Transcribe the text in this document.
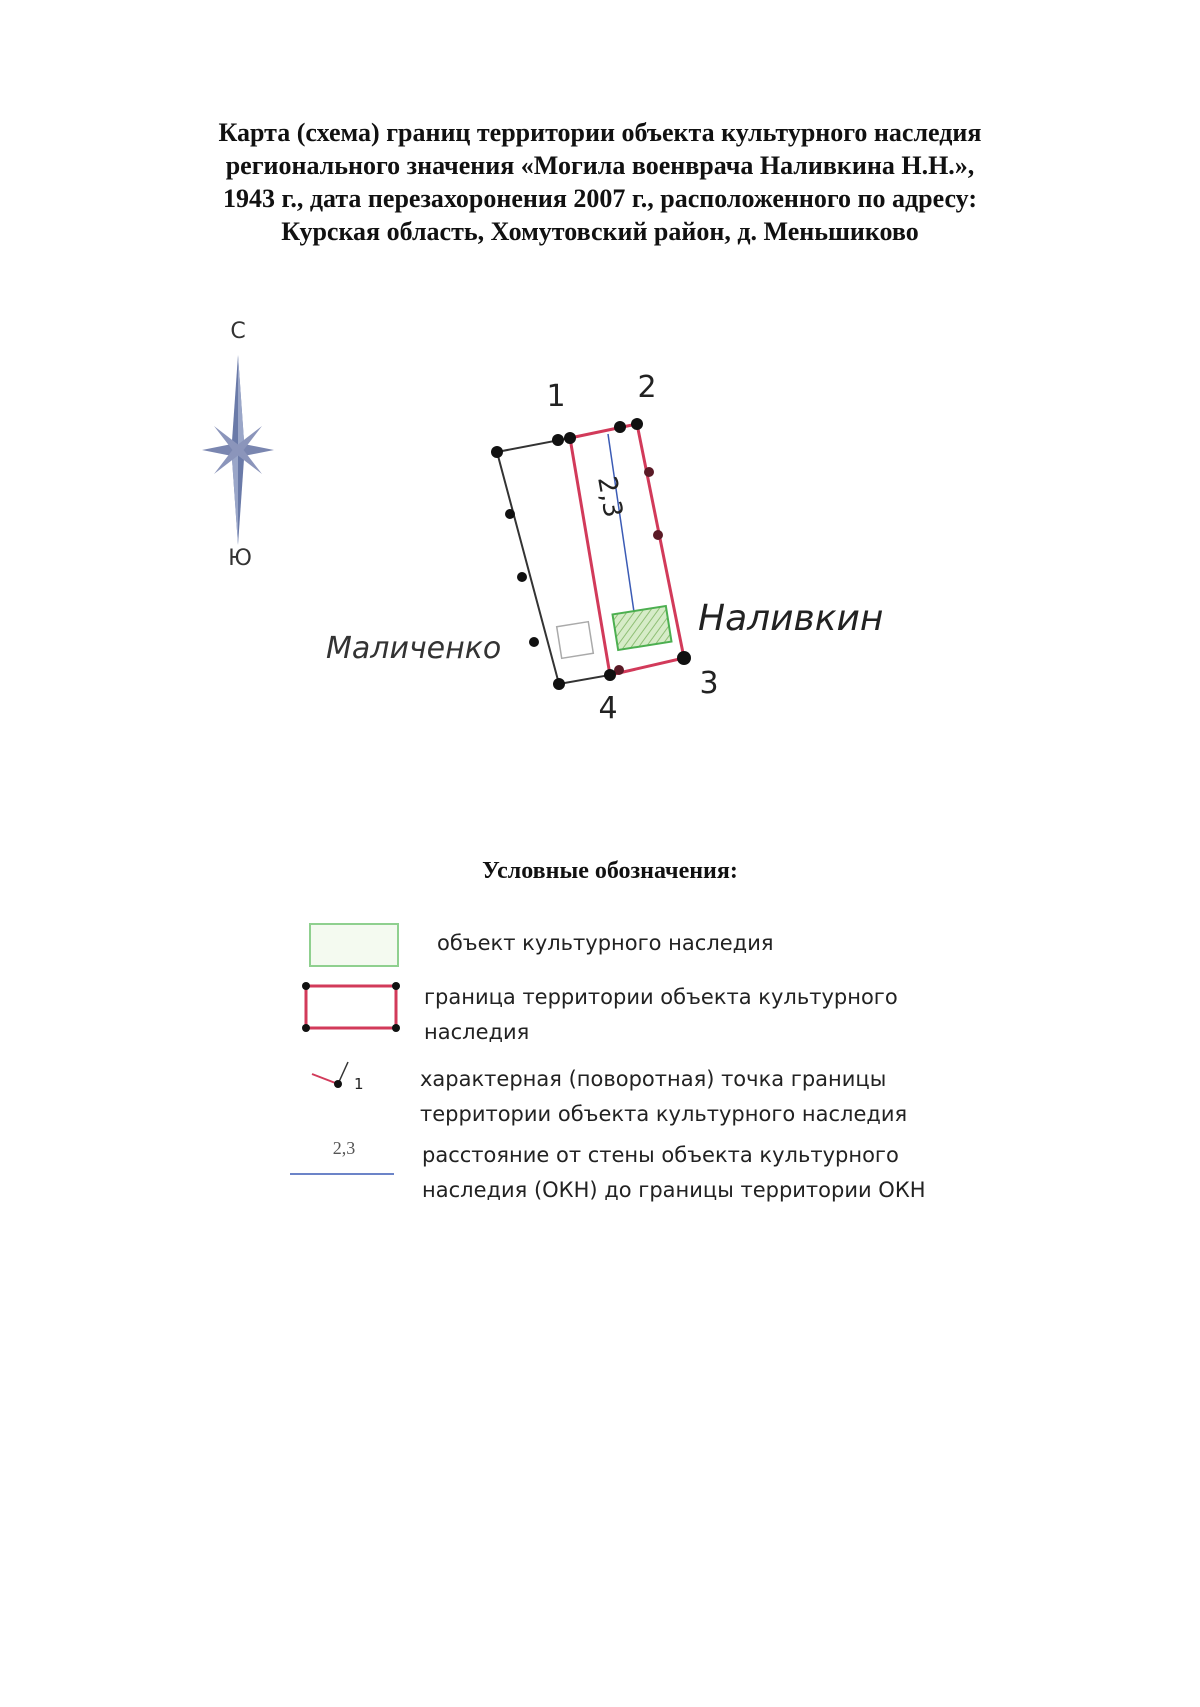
Карта (схема) границ территории объекта культурного наследия
регионального значения «Могила военврача Наливкина Н.Н.»,
1943 г., дата перезахоронения 2007 г., расположенного по адресу:
Курская область, Хомутовский район, д. Меньшиково
С
Ю
2,3
1 2
3
4
Маличенко
Наливкин
Условные обозначения:
объект культурного наследия
граница территории объекта культурного
наследия
1	характерная (поворотная) точка границы
территории объекта культурного наследия
2,3	расстояние от стены объекта культурного
наследия (ОКН) до границы территории ОКН
